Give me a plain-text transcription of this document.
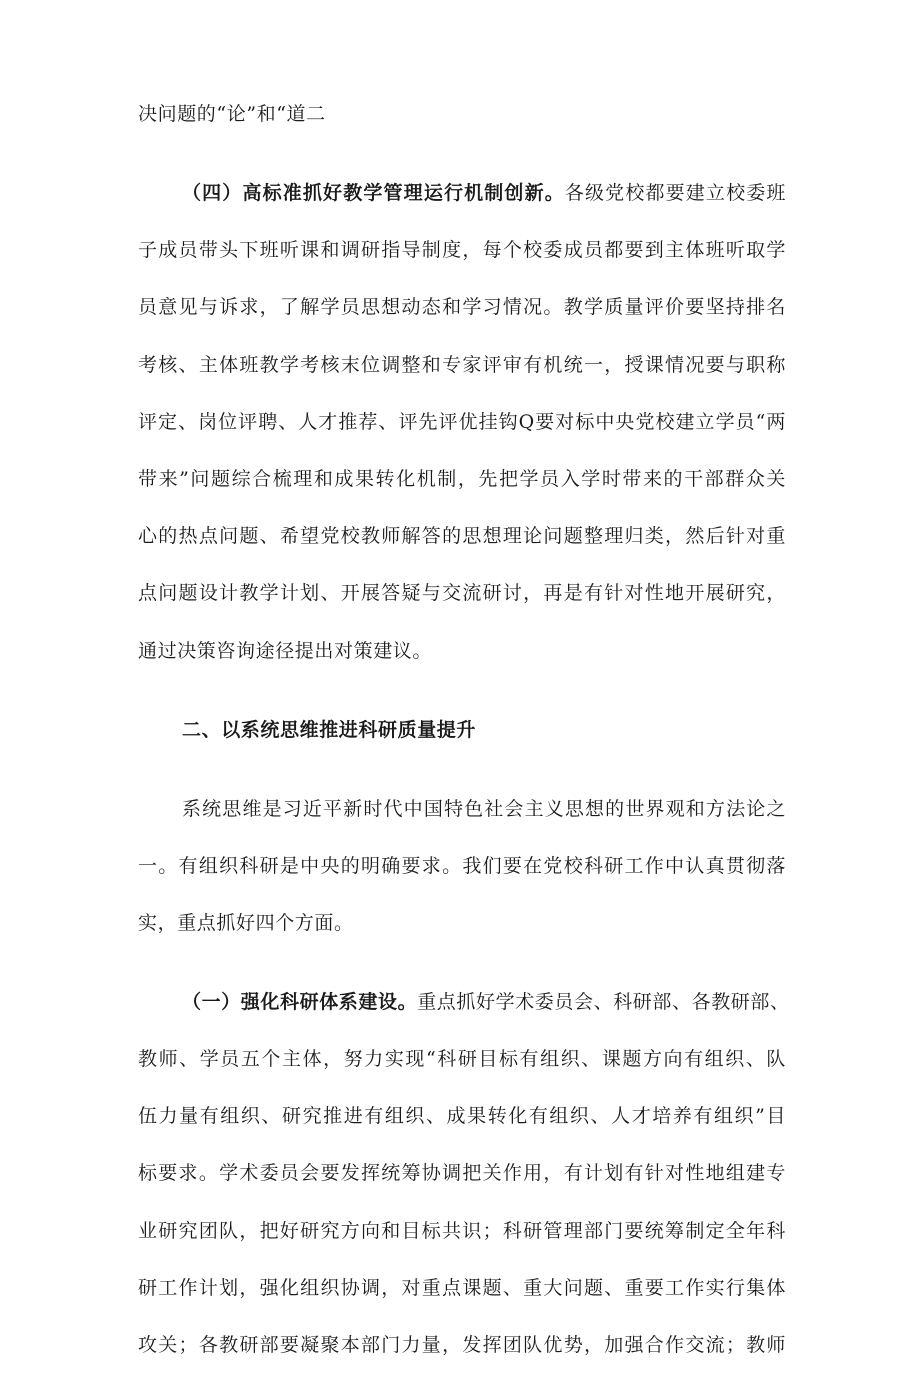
决问题的“论”和“道二
（四）高标准抓好教学管理运行机制创新。各级党校都要建立校委班
子成员带头下班听课和调研指导制度，每个校委成员都要到主体班听取学
员意见与诉求，了解学员思想动态和学习情况。教学质量评价要坚持排名
考核、主体班教学考核末位调整和专家评审有机统一，授课情况要与职称
评定、岗位评聘、人才推荐、评先评优挂钩Q要对标中央党校建立学员“两
带来”问题综合梳理和成果转化机制，先把学员入学时带来的干部群众关
心的热点问题、希望党校教师解答的思想理论问题整理归类，然后针对重
点问题设计教学计划、开展答疑与交流研讨，再是有针对性地开展研究，
通过决策咨询途径提出对策建议。
二、以系统思维推进科研质量提升
系统思维是习近平新时代中国特色社会主义思想的世界观和方法论之
一。有组织科研是中央的明确要求。我们要在党校科研工作中认真贯彻落
实，重点抓好四个方面。
（一）强化科研体系建设。重点抓好学术委员会、科研部、各教研部、
教师、学员五个主体，努力实现“科研目标有组织、课题方向有组织、队
伍力量有组织、研究推进有组织、成果转化有组织、人才培养有组织”目
标要求。学术委员会要发挥统筹协调把关作用，有计划有针对性地组建专
业研究团队，把好研究方向和目标共识；科研管理部门要统筹制定全年科
研工作计划，强化组织协调，对重点课题、重大问题、重要工作实行集体
攻关；各教研部要凝聚本部门力量，发挥团队优势，加强合作交流；教师
